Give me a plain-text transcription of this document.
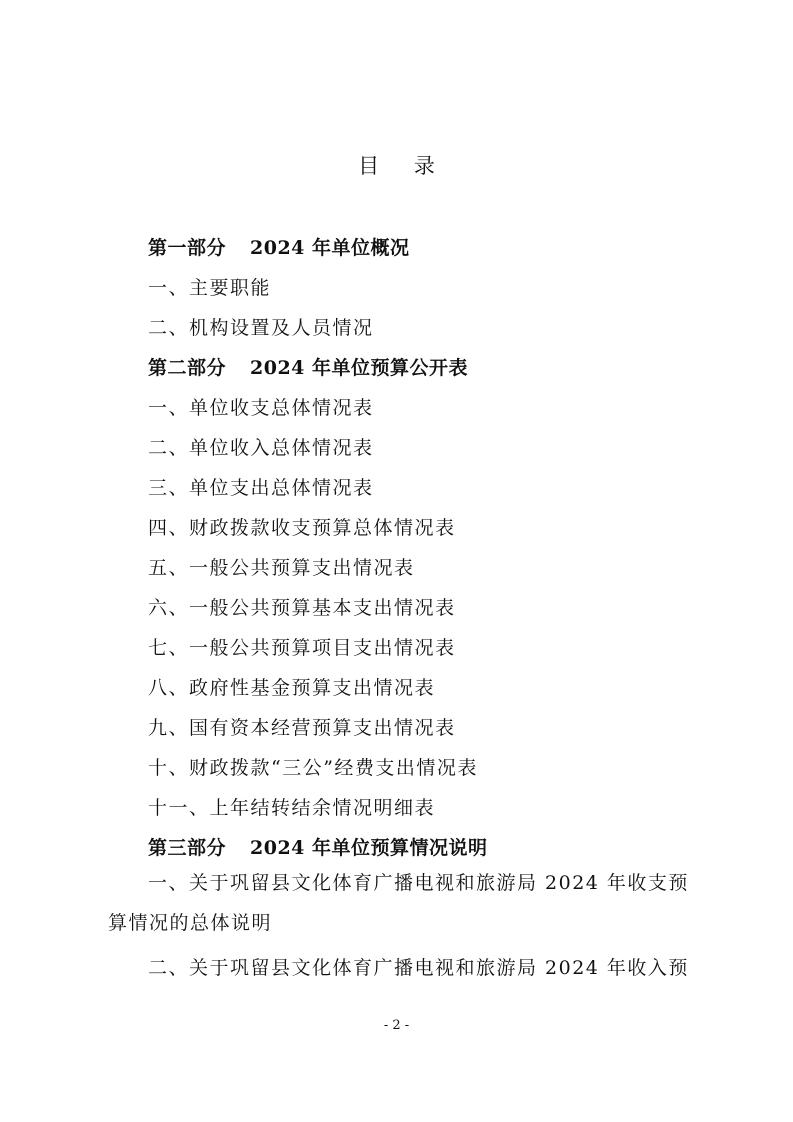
目 录
第一部分 2024 年单位概况
一、主要职能
二、机构设置及人员情况
第二部分 2024 年单位预算公开表
一、单位收支总体情况表
二、单位收入总体情况表
三、单位支出总体情况表
四、财政拨款收支预算总体情况表
五、一般公共预算支出情况表
六、一般公共预算基本支出情况表
七、一般公共预算项目支出情况表
八、政府性基金预算支出情况表
九、国有资本经营预算支出情况表
十、财政拨款“三公”经费支出情况表
十一、上年结转结余情况明细表
第三部分 2024 年单位预算情况说明
一、关于巩留县文化体育广播电视和旅游局 2024 年收支预算情况的总体说明
二、关于巩留县文化体育广播电视和旅游局 2024 年收入预
- 2 -
